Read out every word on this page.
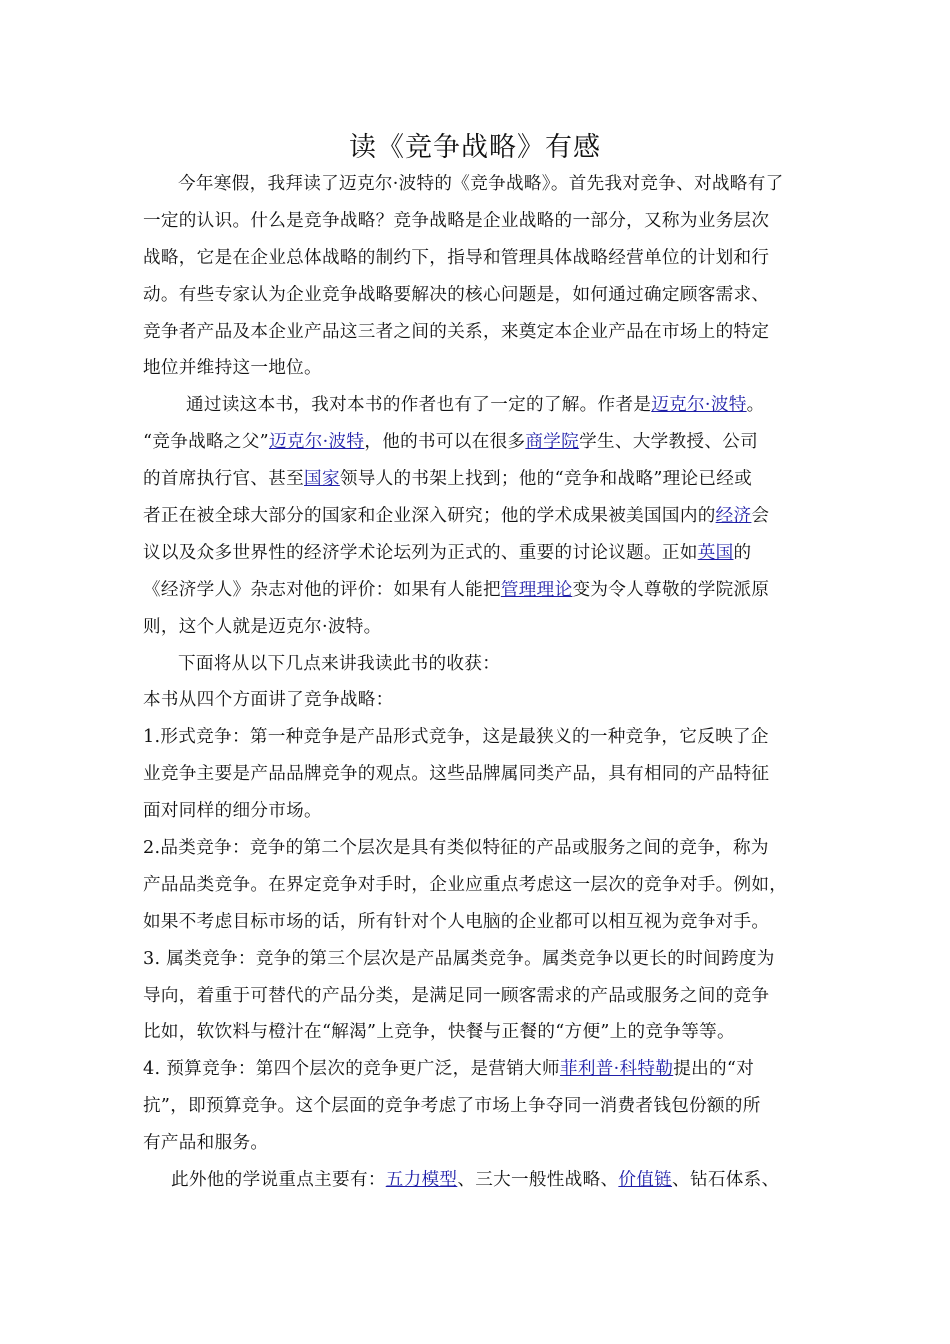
读《竞争战略》有感
今年寒假，我拜读了迈克尔·波特的《竞争战略》。首先我对竞争、对战略有了
一定的认识。什么是竞争战略？竞争战略是企业战略的一部分，又称为业务层次
战略，它是在企业总体战略的制约下，指导和管理具体战略经营单位的计划和行
动。有些专家认为企业竞争战略要解决的核心问题是，如何通过确定顾客需求、
竞争者产品及本企业产品这三者之间的关系，来奠定本企业产品在市场上的特定
地位并维持这一地位。
通过读这本书，我对本书的作者也有了一定的了解。作者是迈克尔·波特。
“竞争战略之父”迈克尔·波特，他的书可以在很多商学院学生、大学教授、公司
的首席执行官、甚至国家领导人的书架上找到；他的“竞争和战略”理论已经或
者正在被全球大部分的国家和企业深入研究；他的学术成果被美国国内的经济会
议以及众多世界性的经济学术论坛列为正式的、重要的讨论议题。正如英国的
《经济学人》杂志对他的评价：如果有人能把管理理论变为令人尊敬的学院派原
则，这个人就是迈克尔·波特。
下面将从以下几点来讲我读此书的收获：
本书从四个方面讲了竞争战略：
1.形式竞争：第一种竞争是产品形式竞争，这是最狭义的一种竞争，它反映了企
业竞争主要是产品品牌竞争的观点。这些品牌属同类产品，具有相同的产品特征
面对同样的细分市场。
2.品类竞争：竞争的第二个层次是具有类似特征的产品或服务之间的竞争，称为
产品品类竞争。在界定竞争对手时，企业应重点考虑这一层次的竞争对手。例如，
如果不考虑目标市场的话，所有针对个人电脑的企业都可以相互视为竞争对手。
3. 属类竞争：竞争的第三个层次是产品属类竞争。属类竞争以更长的时间跨度为
导向，着重于可替代的产品分类，是满足同一顾客需求的产品或服务之间的竞争
比如，软饮料与橙汁在“解渴”上竞争，快餐与正餐的“方便”上的竞争等等。
4. 预算竞争：第四个层次的竞争更广泛，是营销大师菲利普·科特勒提出的“对
抗”，即预算竞争。这个层面的竞争考虑了市场上争夺同一消费者钱包份额的所
有产品和服务。
此外他的学说重点主要有：五力模型、三大一般性战略、价值链、钻石体系、
